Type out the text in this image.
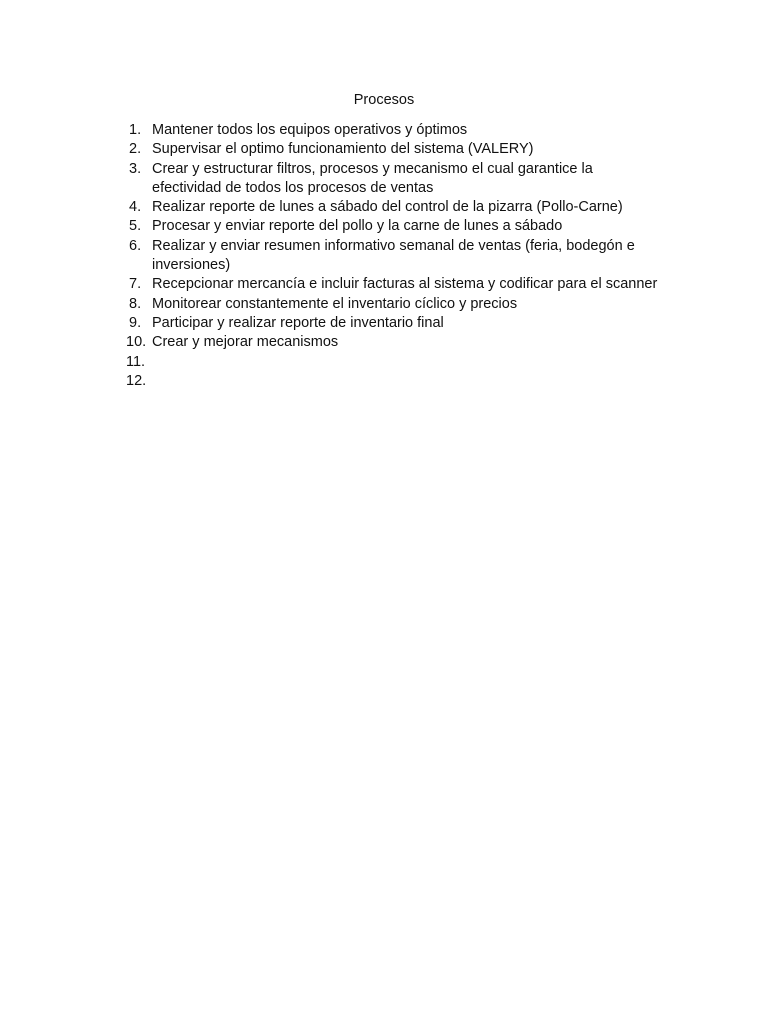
Procesos
1. Mantener todos los equipos operativos y óptimos
2. Supervisar el optimo funcionamiento del sistema (VALERY)
3. Crear y estructurar filtros, procesos y mecanismo el cual garantice la efectividad de todos los procesos de ventas
4. Realizar reporte de lunes a sábado del control de la pizarra (Pollo-Carne)
5. Procesar y enviar reporte del pollo y la carne de lunes a sábado
6. Realizar y enviar resumen informativo semanal de ventas (feria, bodegón e inversiones)
7. Recepcionar mercancía e incluir facturas al sistema y codificar para el scanner
8. Monitorear constantemente el inventario cíclico y precios
9. Participar y realizar reporte de inventario final
10. Crear y mejorar mecanismos
11.
12.
